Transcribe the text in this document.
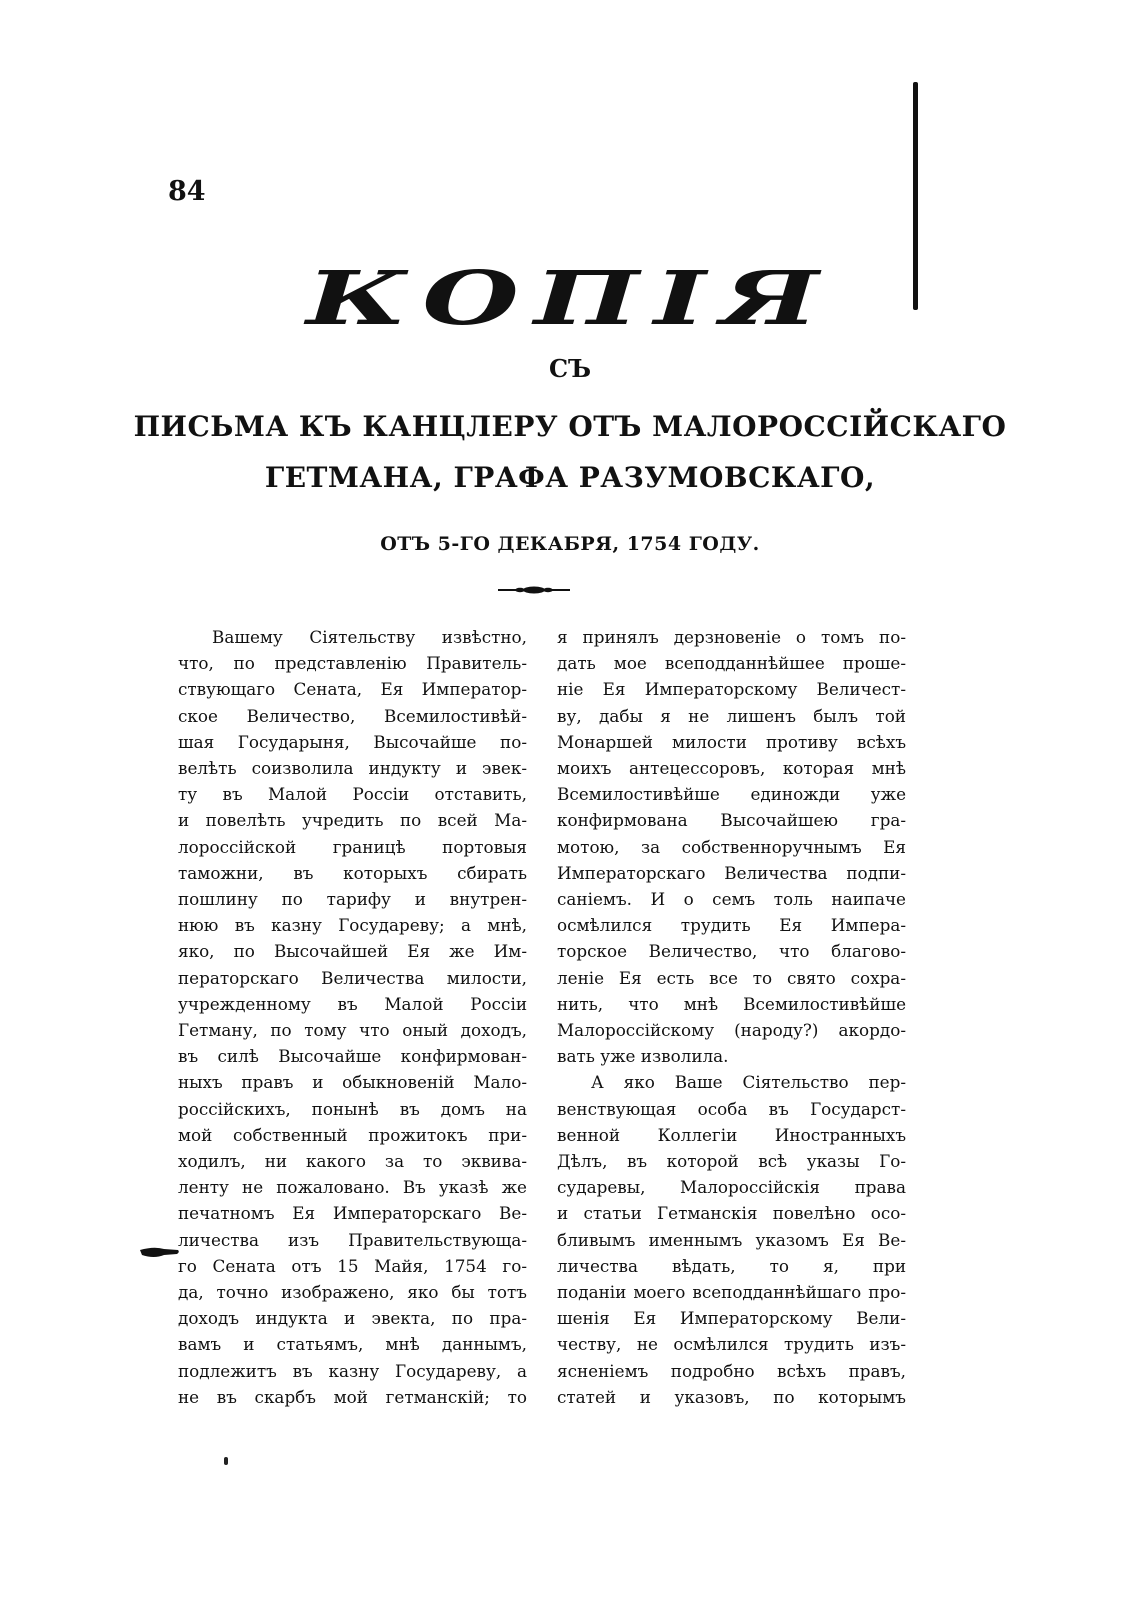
84
КОПІЯ
СЪ
ПИСЬМА КЪ КАНЦЛЕРУ ОТЪ МАЛОРОССІЙСКАГО
ГЕТМАНА, ГРАФА РАЗУМОВСКАГО,
ОТЪ 5-ГО ДЕКАБРЯ, 1754 ГОДУ.
Вашему Сіятельству извѣстно,
что, по представленію Правитель-
ствующаго Сената, Ея Император-
ское Величество, Всемилостивѣй-
шая Государыня, Высочайше по-
велѣть соизволила индукту и эвек-
ту въ Малой Россіи отставить,
и повелѣть учредить по всей Ма-
лороссійской границѣ портовыя
таможни, въ которыхъ сбирать
пошлину по тарифу и внутрен-
нюю въ казну Государеву; а мнѣ,
яко, по Высочайшей Ея же Им-
ператорскаго Величества милости,
учрежденному въ Малой Россіи
Гетману, по тому что оный доходъ,
въ силѣ Высочайше конфирмован-
ныхъ правъ и обыкновеній Мало-
россійскихъ, понынѣ въ домъ на
мой собственный прожитокъ при-
ходилъ, ни какого за то эквива-
ленту не пожаловано. Въ указѣ же
печатномъ Ея Императорскаго Ве-
личества изъ Правительствующа-
го Сената отъ 15 Майя, 1754 го-
да, точно изображено, яко бы тотъ
доходъ индукта и эвекта, по пра-
вамъ и статьямъ, мнѣ даннымъ,
подлежитъ въ казну Государеву, а
не въ скарбъ мой гетманскій; то
я принялъ дерзновеніе о томъ по-
дать мое всеподданнѣйшее проше-
ніе Ея Императорскому Величест-
ву, дабы я не лишенъ былъ той
Монаршей милости противу всѣхъ
моихъ антецессоровъ, которая мнѣ
Всемилостивѣйше единожди уже
конфирмована Высочайшею гра-
мотою, за собственноручнымъ Ея
Императорскаго Величества подпи-
саніемъ. И о семъ толь наипаче
осмѣлился трудить Ея Импера-
торское Величество, что благово-
леніе Ея есть все то свято сохра-
нить, что мнѣ Всемилостивѣйше
Малороссійскому (народу?) акордо-
вать уже изволила.
А яко Ваше Сіятельство пер-
венствующая особа въ Государст-
венной Коллегіи Иностранныхъ
Дѣлъ, въ которой всѣ указы Го-
сударевы, Малороссійскія права
и статьи Гетманскія повелѣно осо-
бливымъ именнымъ указомъ Ея Ве-
личества вѣдать, то я, при
поданіи моего всеподданнѣйшаго про-
шенія Ея Императорскому Вели-
честву, не осмѣлился трудить изъ-
ясненіемъ подробно всѣхъ правъ,
статей и указовъ, по которымъ
